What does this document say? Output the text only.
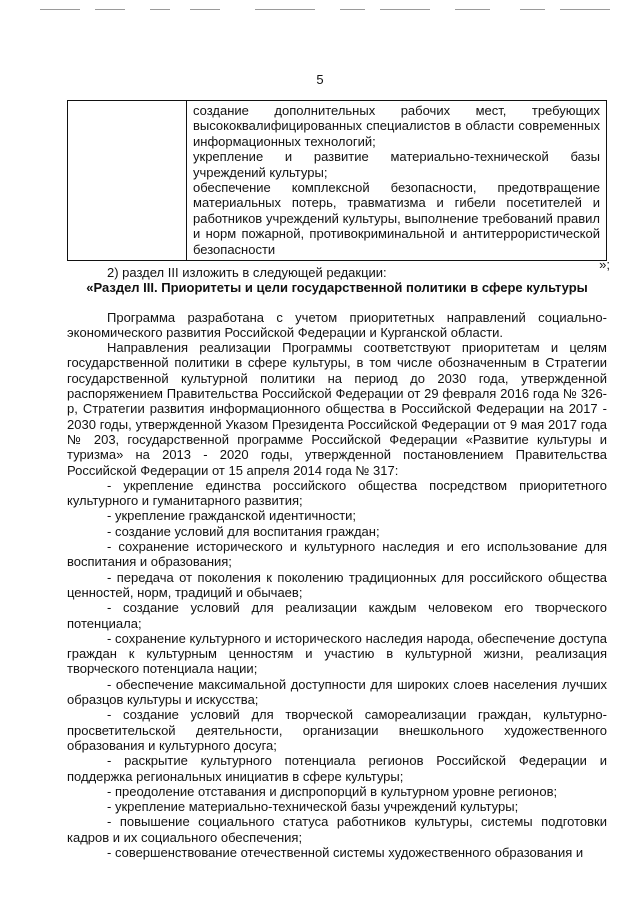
5

создание дополнительных рабочих мест, требующих высококвалифицированных специалистов в области современных информационных технологий;
укрепление и развитие материально-технической базы учреждений культуры;
обеспечение комплексной безопасности, предотвращение материальных потерь, травматизма и гибели посетителей и работников учреждений культуры, выполнение требований правил и норм пожарной, противокриминальной и антитеррористической безопасности
»;

2) раздел III изложить в следующей редакции:

«Раздел III. Приоритеты и цели государственной политики в сфере культуры

Программа разработана с учетом приоритетных направлений социально-экономического развития Российской Федерации и Курганской области.

Направления реализации Программы соответствуют приоритетам и целям государственной политики в сфере культуры, в том числе обозначенным в Стратегии государственной культурной политики на период до 2030 года, утвержденной распоряжением Правительства Российской Федерации от 29 февраля 2016 года № 326-р, Стратегии развития информационного общества в Российской Федерации на 2017 - 2030 годы, утвержденной Указом Президента Российской Федерации от 9 мая 2017 года № 203, государственной программе Российской Федерации «Развитие культуры и туризма» на 2013 - 2020 годы, утвержденной постановлением Правительства Российской Федерации от 15 апреля 2014 года № 317:

- укрепление единства российского общества посредством приоритетного культурного и гуманитарного развития;

- укрепление гражданской идентичности;

- создание условий для воспитания граждан;

- сохранение исторического и культурного наследия и его использование для воспитания и образования;

- передача от поколения к поколению традиционных для российского общества ценностей, норм, традиций и обычаев;

- создание условий для реализации каждым человеком его творческого потенциала;

- сохранение культурного и исторического наследия народа, обеспечение доступа граждан к культурным ценностям и участию в культурной жизни, реализация творческого потенциала нации;

- обеспечение максимальной доступности для широких слоев населения лучших образцов культуры и искусства;

- создание условий для творческой самореализации граждан, культурно-просветительской деятельности, организации внешкольного художественного образования и культурного досуга;

- раскрытие культурного потенциала регионов Российской Федерации и поддержка региональных инициатив в сфере культуры;

- преодоление отставания и диспропорций в культурном уровне регионов;

- укрепление материально-технической базы учреждений культуры;

- повышение социального статуса работников культуры, системы подготовки кадров и их социального обеспечения;

- совершенствование отечественной системы художественного образования и
